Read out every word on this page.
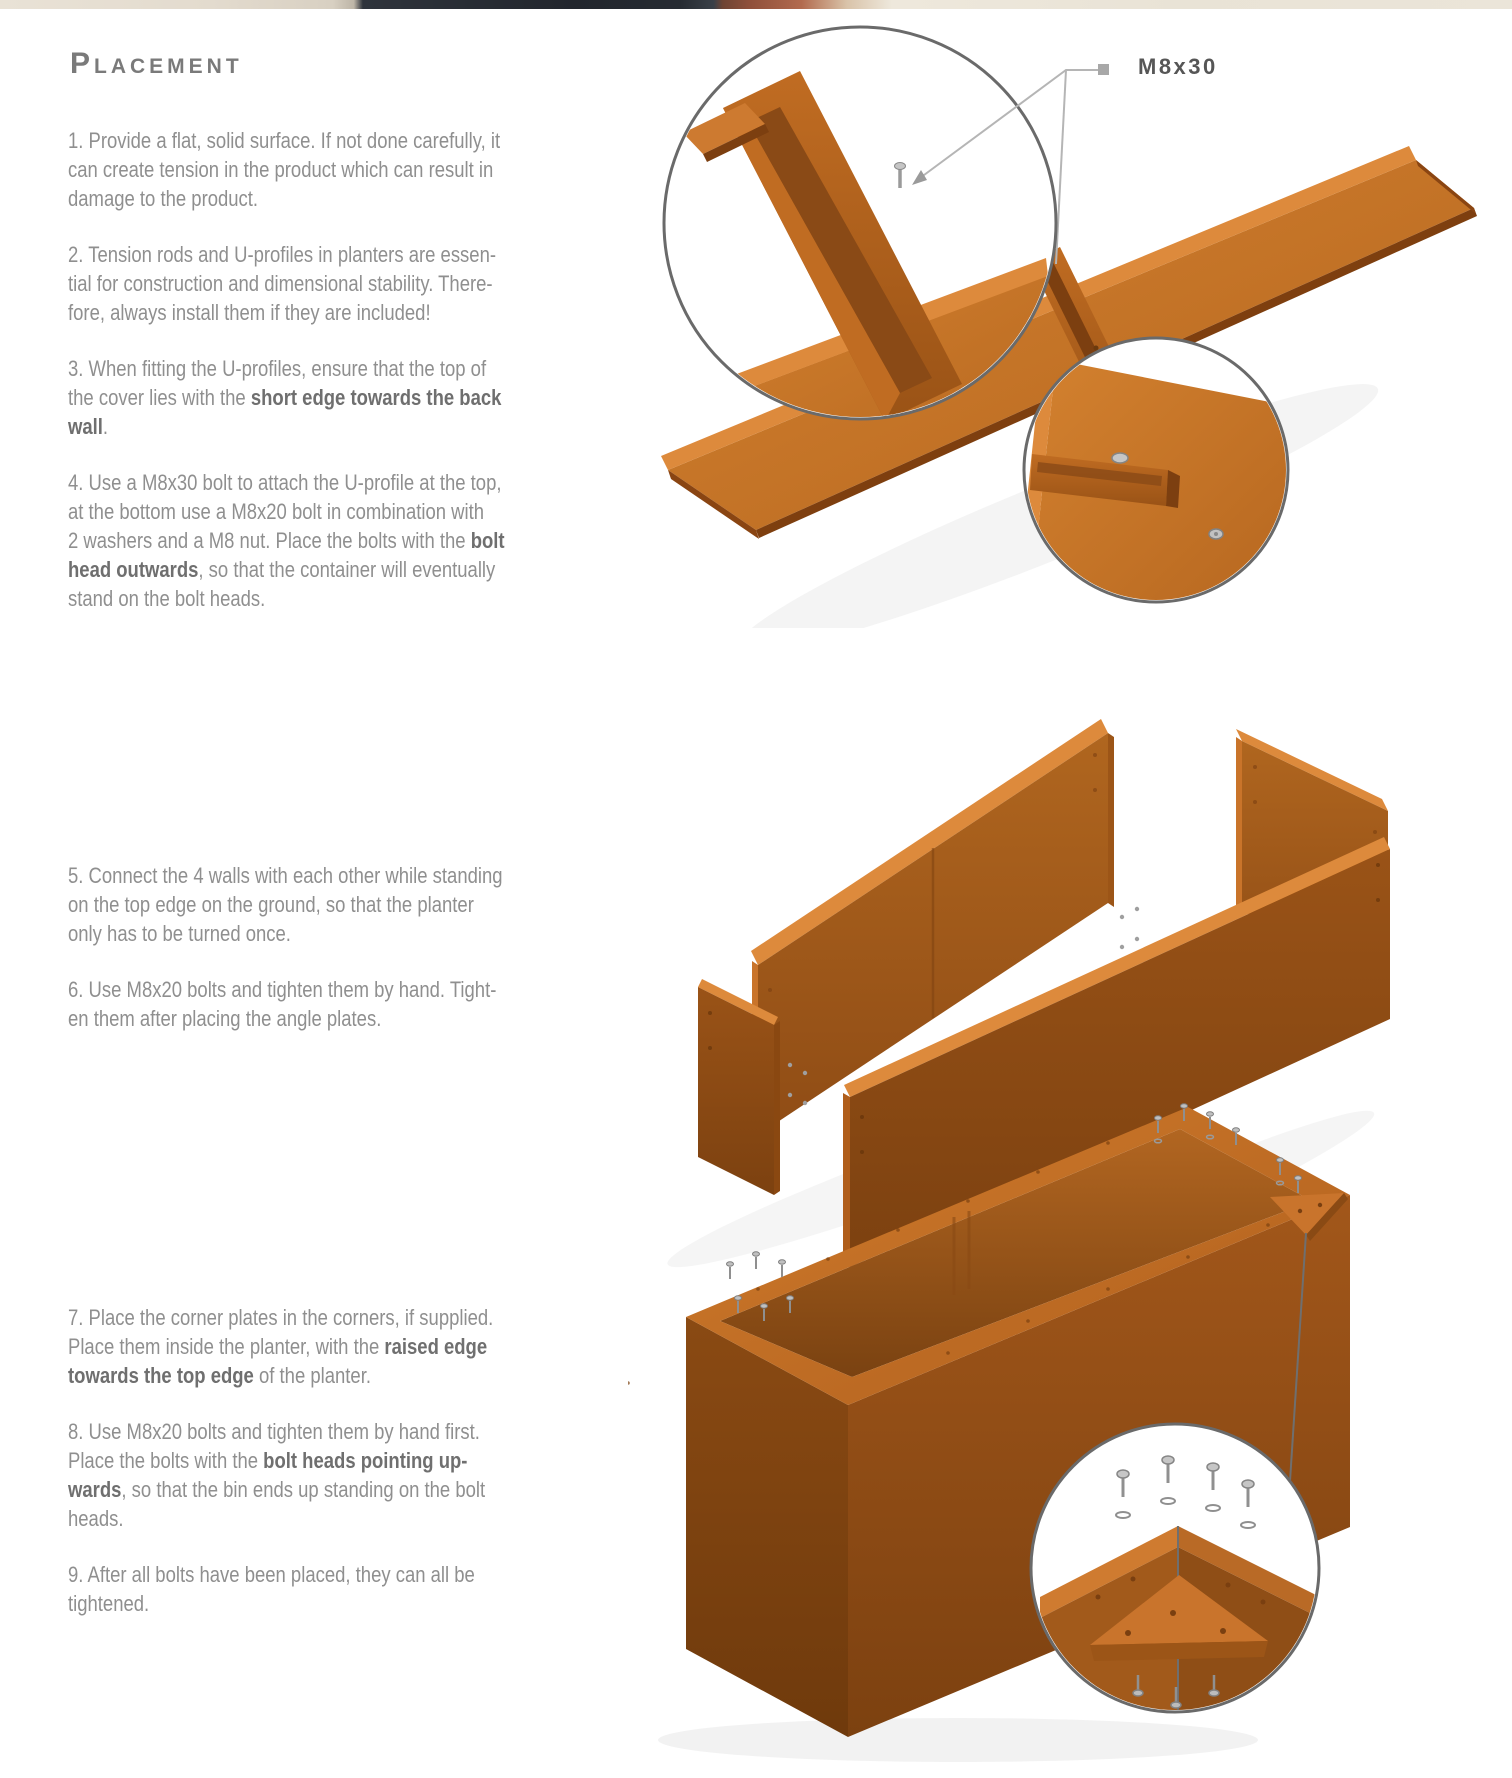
Placement

1. Provide a flat, solid surface. If not done carefully, it
can create tension in the product which can result in
damage to the product.

2. Tension rods and U-profiles in planters are essen-
tial for construction and dimensional stability. There-
fore, always install them if they are included!

3. When fitting the U-profiles, ensure that the top of
the cover lies with the short edge towards the back
wall.

4. Use a M8x30 bolt to attach the U-profile at the top,
at the bottom use a M8x20 bolt in combination with
2 washers and a M8 nut. Place the bolts with the bolt
head outwards, so that the container will eventually
stand on the bolt heads.

5. Connect the 4 walls with each other while standing
on the top edge on the ground, so that the planter
only has to be turned once.

6. Use M8x20 bolts and tighten them by hand. Tight-
en them after placing the angle plates.

7. Place the corner plates in the corners, if supplied.
Place them inside the planter, with the raised edge
towards the top edge of the planter.

8. Use M8x20 bolts and tighten them by hand first.
Place the bolts with the bolt heads pointing up-
wards, so that the bin ends up standing on the bolt
heads.

9. After all bolts have been placed, they can all be
tightened.

M8x30
